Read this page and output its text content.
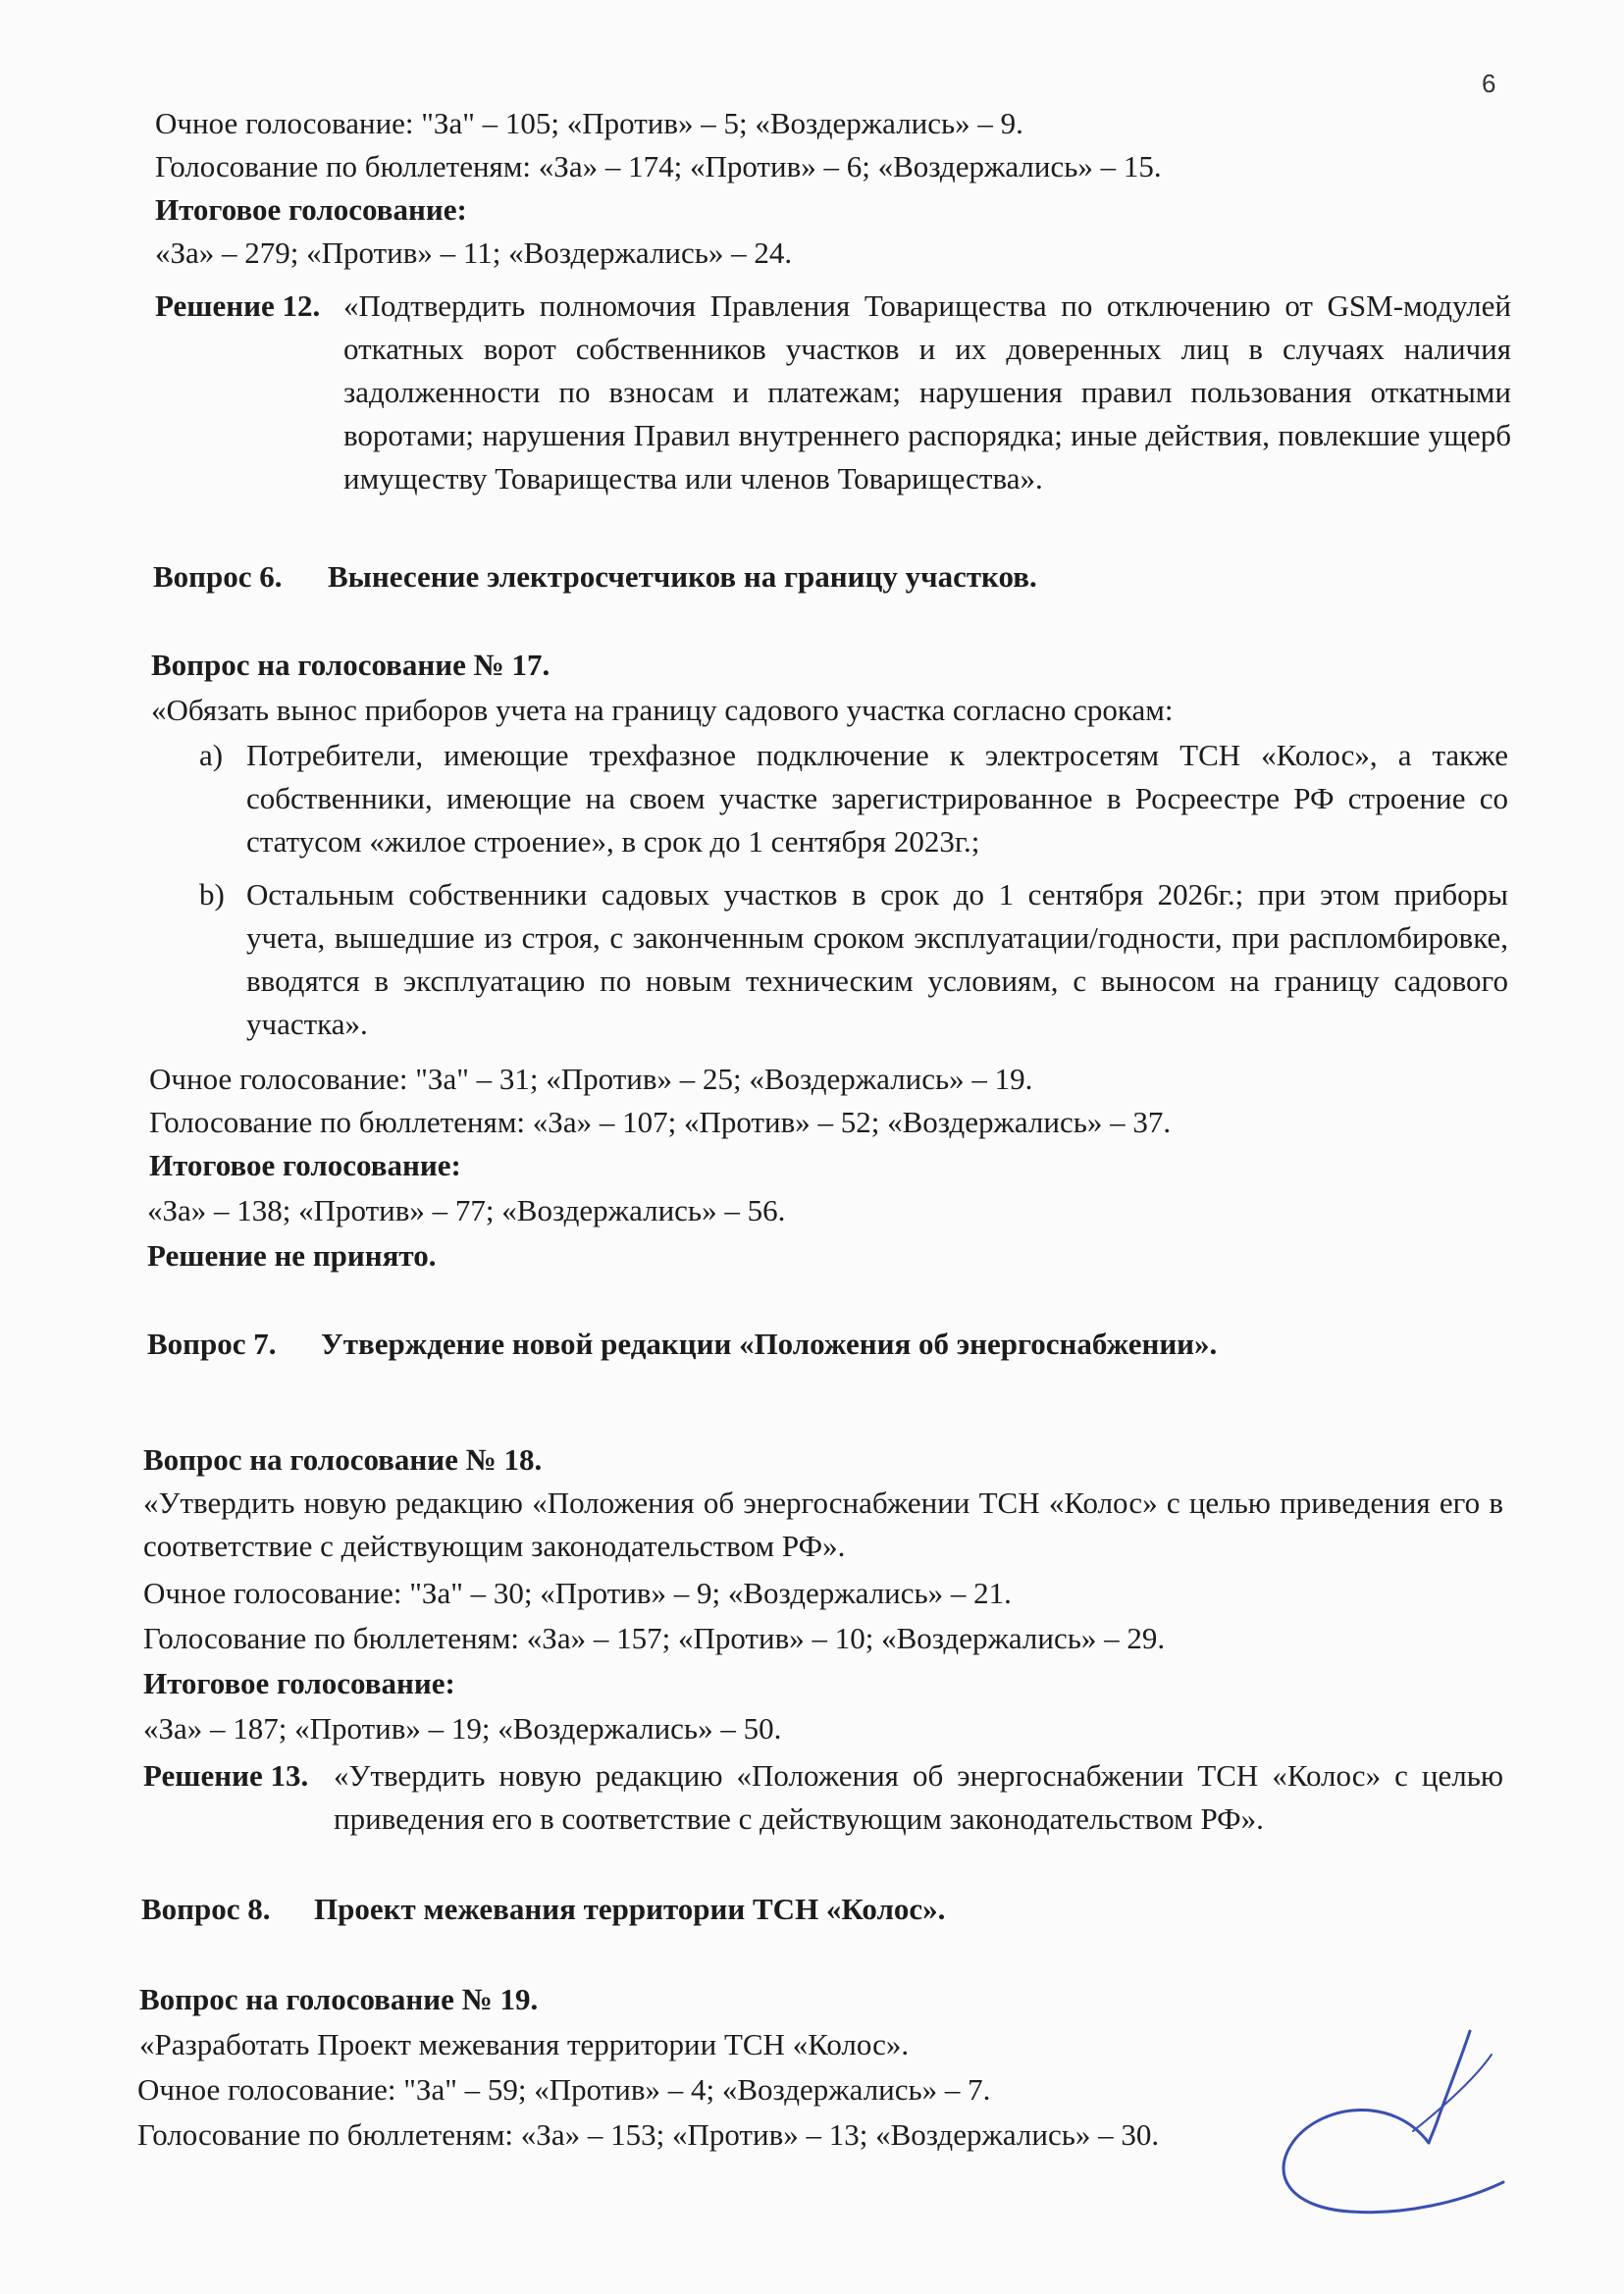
6
Очное голосование: "За" – 105; «Против» – 5; «Воздержались» – 9.
Голосование по бюллетеням: «За» – 174; «Против» – 6; «Воздержались» – 15.
Итоговое голосование:
«За» – 279; «Против» – 11; «Воздержались» – 24.
Решение 12. «Подтвердить полномочия Правления Товарищества по отключению от GSM-модулей откатных ворот собственников участков и их доверенных лиц в случаях наличия задолженности по взносам и платежам; нарушения правил пользования откатными воротами; нарушения Правил внутреннего распорядка; иные действия, повлекшие ущерб имуществу Товарищества или членов Товарищества».
Вопрос 6. Вынесение электросчетчиков на границу участков.
Вопрос на голосование № 17.
«Обязать вынос приборов учета на границу садового участка согласно срокам:
a) Потребители, имеющие трехфазное подключение к электросетям ТСН «Колос», а также собственники, имеющие на своем участке зарегистрированное в Росреестре РФ строение со статусом «жилое строение», в срок до 1 сентября 2023г.;
b) Остальным собственники садовых участков в срок до 1 сентября 2026г.; при этом приборы учета, вышедшие из строя, с законченным сроком эксплуатации/годности, при распломбировке, вводятся в эксплуатацию по новым техническим условиям, с выносом на границу садового участка».
Очное голосование: "За" – 31; «Против» – 25; «Воздержались» – 19.
Голосование по бюллетеням: «За» – 107; «Против» – 52; «Воздержались» – 37.
Итоговое голосование:
«За» – 138; «Против» – 77; «Воздержались» – 56.
Решение не принято.
Вопрос 7. Утверждение новой редакции «Положения об энергоснабжении».
Вопрос на голосование № 18.
«Утвердить новую редакцию «Положения об энергоснабжении ТСН «Колос» с целью приведения его в соответствие с действующим законодательством РФ».
Очное голосование: "За" – 30; «Против» – 9; «Воздержались» – 21.
Голосование по бюллетеням: «За» – 157; «Против» – 10; «Воздержались» – 29.
Итоговое голосование:
«За» – 187; «Против» – 19; «Воздержались» – 50.
Решение 13. «Утвердить новую редакцию «Положения об энергоснабжении ТСН «Колос» с целью приведения его в соответствие с действующим законодательством РФ».
Вопрос 8. Проект межевания территории ТСН «Колос».
Вопрос на голосование № 19.
«Разработать Проект межевания территории ТСН «Колос».
Очное голосование: "За" – 59; «Против» – 4; «Воздержались» – 7.
Голосование по бюллетеням: «За» – 153; «Против» – 13; «Воздержались» – 30.
